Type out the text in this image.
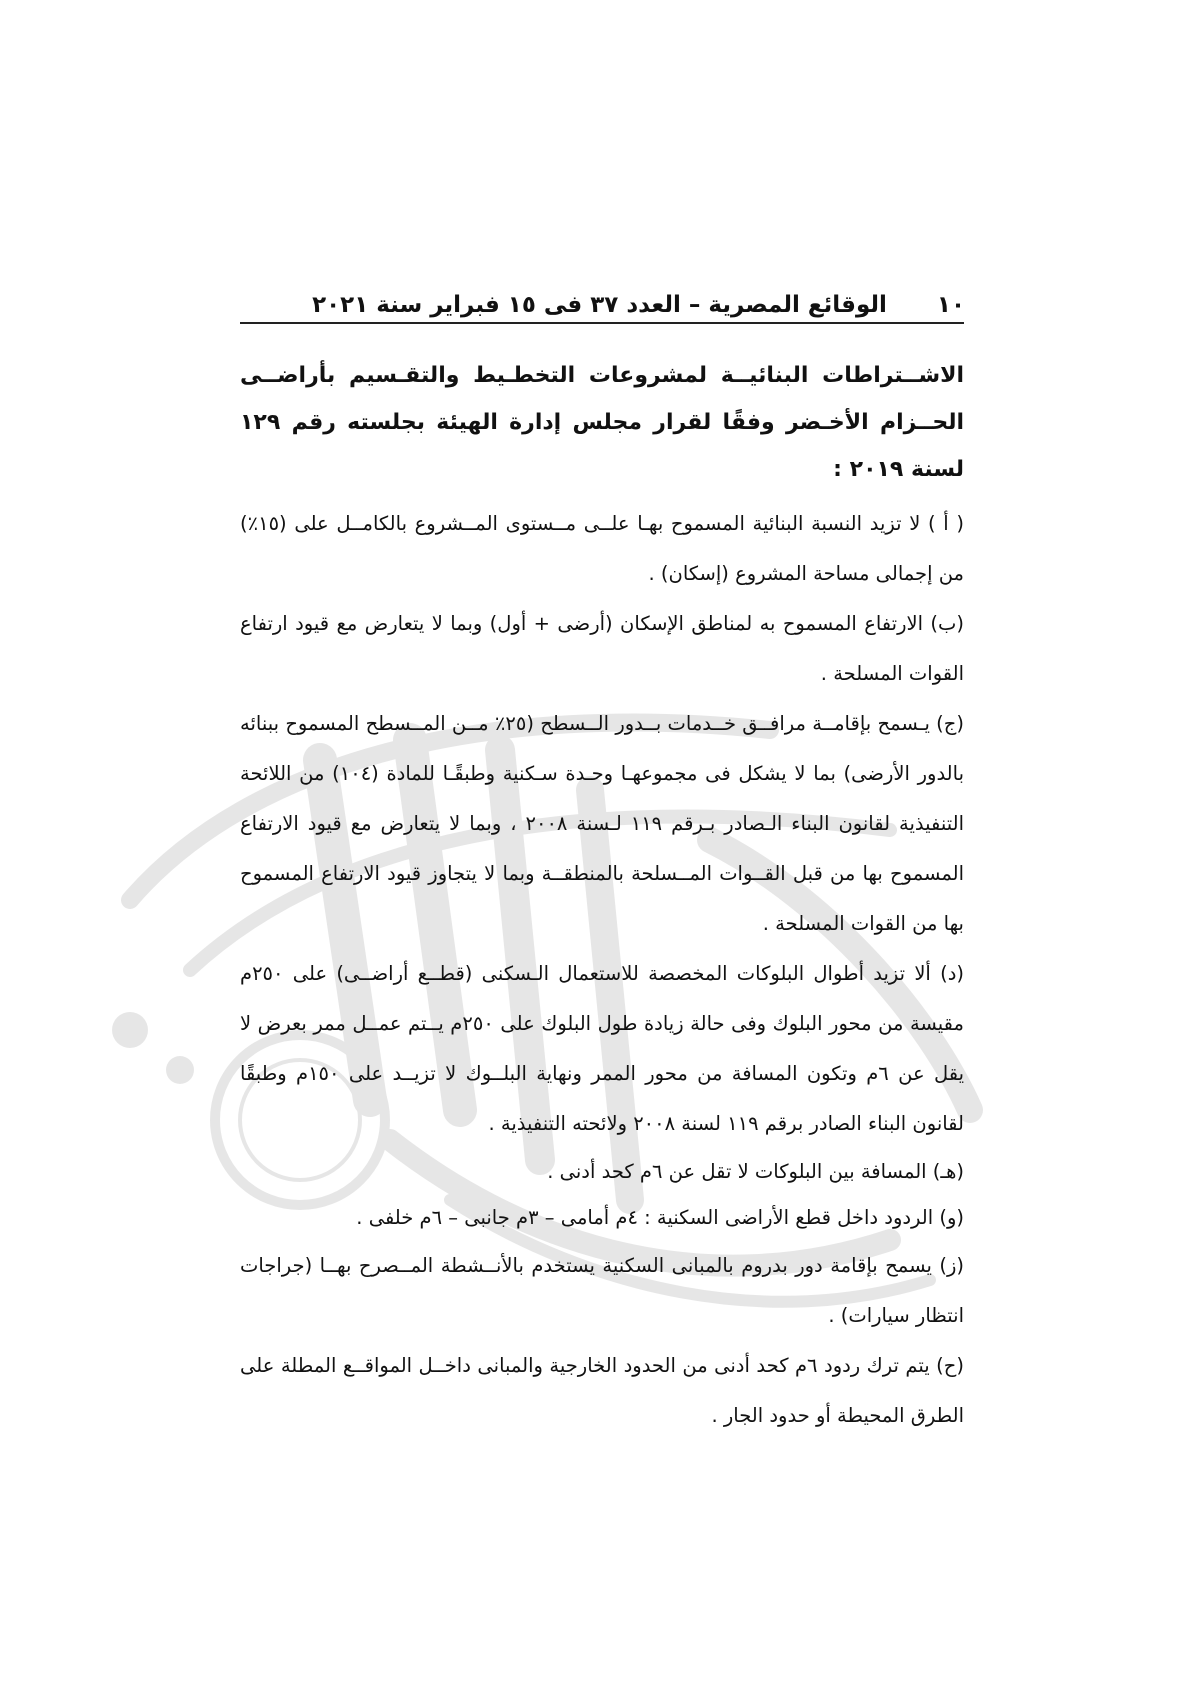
١٠
الوقائع المصرية – العدد ٣٧ فى ١٥ فبراير سنة ٢٠٢١

الاشــتراطات البنائيــة لمشروعات التخطـيط والتقـسيم بأراضــى الحــزام الأخـضر وفقًا لقرار مجلس إدارة الهيئة بجلسته رقم ١٢٩ لسنة ٢٠١٩ :

( أ ) لا تزيد النسبة البنائية المسموح بهـا علــى مــستوى المــشروع بالكامــل على (١٥٪) من إجمالى مساحة المشروع (إسكان) .

(ب) الارتفاع المسموح به لمناطق الإسكان (أرضى + أول) وبما لا يتعارض مع قيود ارتفاع القوات المسلحة .

(ج) يـسمح بإقامــة مرافــق خــدمات بــدور الــسطح (٢٥٪ مــن المــسطح المسموح ببنائه بالدور الأرضى) بما لا يشكل فى مجموعهـا وحـدة سـكنية وطبقًـا للمادة (١٠٤) من اللائحة التنفيذية لقانون البناء الـصادر بـرقم ١١٩ لـسنة ٢٠٠٨ ، وبما لا يتعارض مع قيود الارتفاع المسموح بها من قبل القــوات المــسلحة بالمنطقــة وبما لا يتجاوز قيود الارتفاع المسموح بها من القوات المسلحة .

(د) ألا تزيد أطوال البلوكات المخصصة للاستعمال الـسكنى (قطــع أراضــى) على ٢٥٠م مقيسة من محور البلوك وفى حالة زيادة طول البلوك على ٢٥٠م يــتم عمــل ممر بعرض لا يقل عن ٦م وتكون المسافة من محور الممر ونهاية البلــوك لا تزيــد على ١٥٠م وطبقًا لقانون البناء الصادر برقم ١١٩ لسنة ٢٠٠٨ ولائحته التنفيذية .

(هـ) المسافة بين البلوكات لا تقل عن ٦م كحد أدنى .

(و) الردود داخل قطع الأراضى السكنية : ٤م أمامى – ٣م جانبى – ٦م خلفى .

(ز) يسمح بإقامة دور بدروم بالمبانى السكنية يستخدم بالأنــشطة المــصرح بهــا (جراجات انتظار سيارات) .

(ح) يتم ترك ردود ٦م كحد أدنى من الحدود الخارجية والمبانى داخــل المواقــع المطلة على الطرق المحيطة أو حدود الجار .
